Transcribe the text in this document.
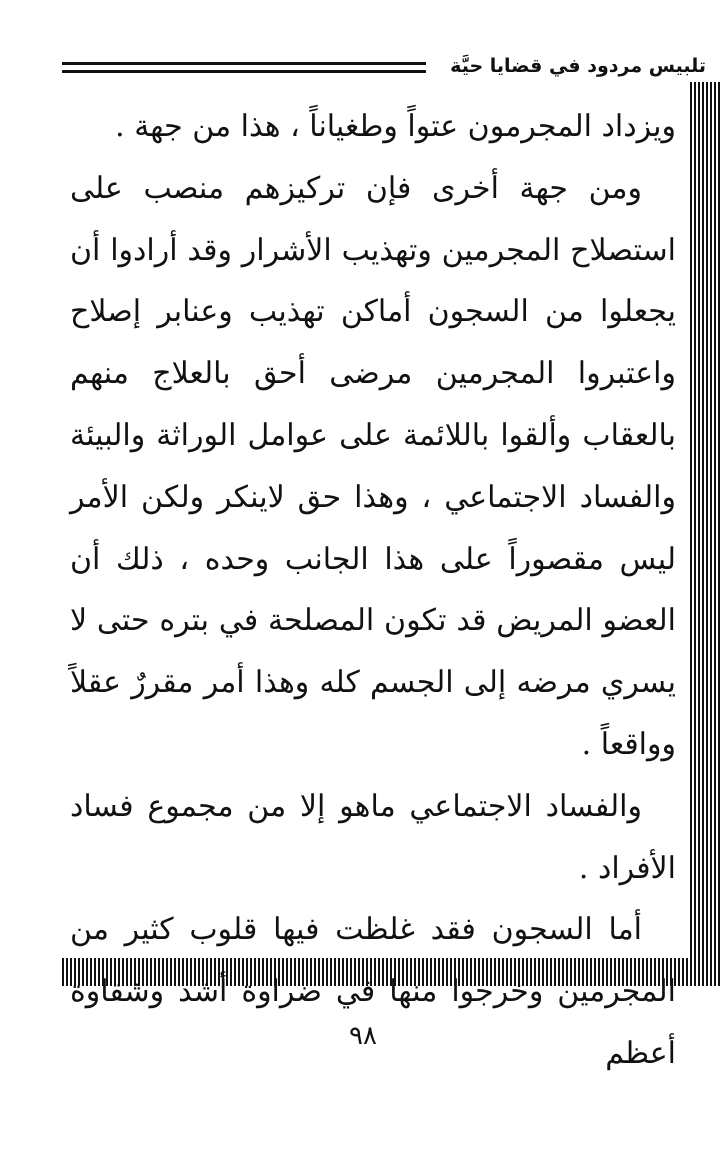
تلبيس مردود في قضايا حيَّة

ويزداد المجرمون عتواً وطغياناً ، هذا من جهة .

ومن جهة أخرى فإن تركيزهم منصب على استصلاح المجرمين وتهذيب الأشرار وقد أرادوا أن يجعلوا من السجون أماكن تهذيب وعنابر إصلاح واعتبروا المجرمين مرضى أحق بالعلاج منهم بالعقاب وألقوا باللائمة على عوامل الوراثة والبيئة والفساد الاجتماعي ، وهذا حق لاينكر ولكن الأمر ليس مقصوراً على هذا الجانب وحده ، ذلك أن العضو المريض قد تكون المصلحة في بتره حتى لا يسري مرضه إلى الجسم كله وهذا أمر مقررٌ عقلاً وواقعاً .

والفساد الاجتماعي ماهو إلا من مجموع فساد الأفراد .

أما السجون فقد غلظت فيها قلوب كثير من المجرمين وخرجوا منها في ضراوة أشد وشقاوة أعظم

٩٨
